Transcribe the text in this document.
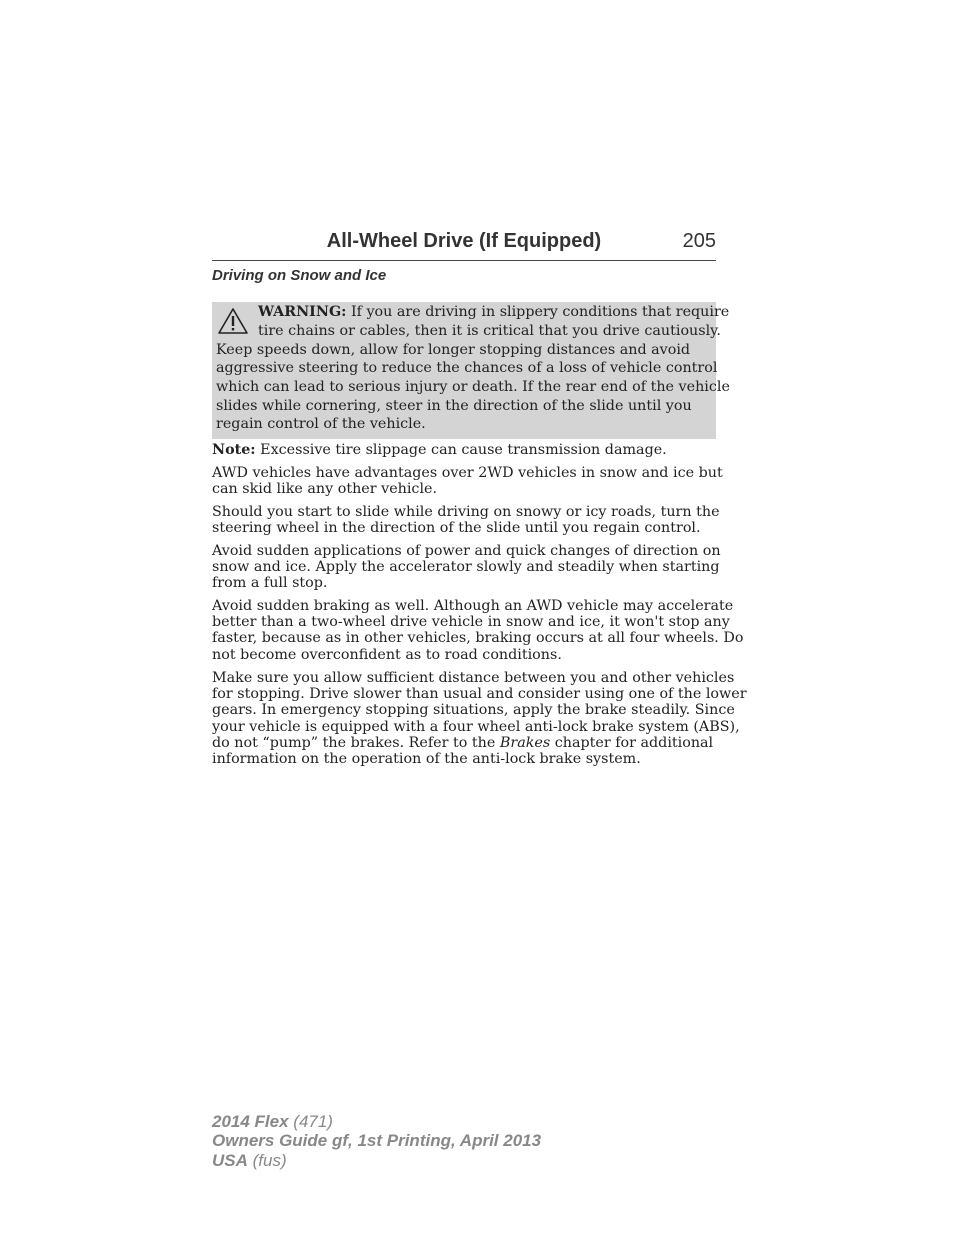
All-Wheel Drive (If Equipped)	205
Driving on Snow and Ice
WARNING: If you are driving in slippery conditions that require
tire chains or cables, then it is critical that you drive cautiously.
Keep speeds down, allow for longer stopping distances and avoid
aggressive steering to reduce the chances of a loss of vehicle control
which can lead to serious injury or death. If the rear end of the vehicle
slides while cornering, steer in the direction of the slide until you
regain control of the vehicle.
Note: Excessive tire slippage can cause transmission damage.
AWD vehicles have advantages over 2WD vehicles in snow and ice but
can skid like any other vehicle.
Should you start to slide while driving on snowy or icy roads, turn the
steering wheel in the direction of the slide until you regain control.
Avoid sudden applications of power and quick changes of direction on
snow and ice. Apply the accelerator slowly and steadily when starting
from a full stop.
Avoid sudden braking as well. Although an AWD vehicle may accelerate
better than a two-wheel drive vehicle in snow and ice, it won't stop any
faster, because as in other vehicles, braking occurs at all four wheels. Do
not become overconfident as to road conditions.
Make sure you allow sufficient distance between you and other vehicles
for stopping. Drive slower than usual and consider using one of the lower
gears. In emergency stopping situations, apply the brake steadily. Since
your vehicle is equipped with a four wheel anti-lock brake system (ABS),
do not “pump” the brakes. Refer to the Brakes chapter for additional
information on the operation of the anti-lock brake system.
2014 Flex (471)
Owners Guide gf, 1st Printing, April 2013
USA (fus)
